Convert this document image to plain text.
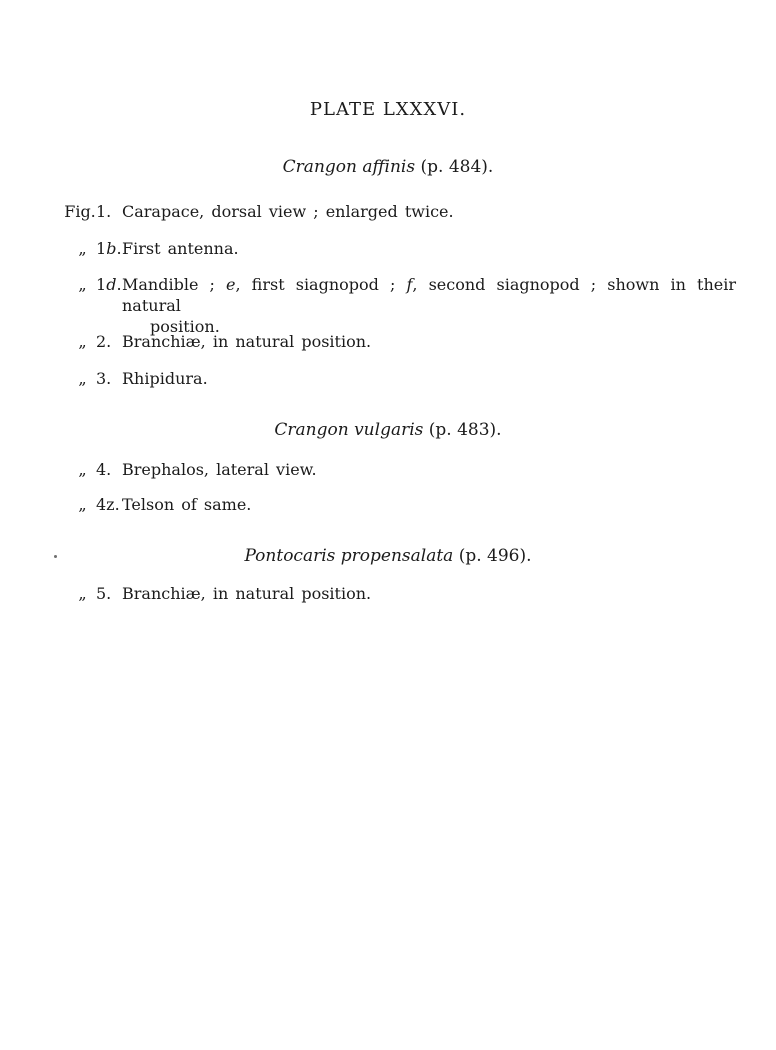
PLATE LXXXVI.
Crangon affinis (p. 484).
Fig. 1. Carapace, dorsal view ; enlarged twice.
„ 1b. First antenna.
„ 1d. Mandible ; e, first siagnopod ; f, second siagnopod ; shown in their natural
position.
„ 2. Branchiæ, in natural position.
„ 3. Rhipidura.
Crangon vulgaris (p. 483).
„ 4. Brephalos, lateral view.
„ 4z. Telson of same.
Pontocaris propensalata (p. 496).
„ 5. Branchiæ, in natural position.
